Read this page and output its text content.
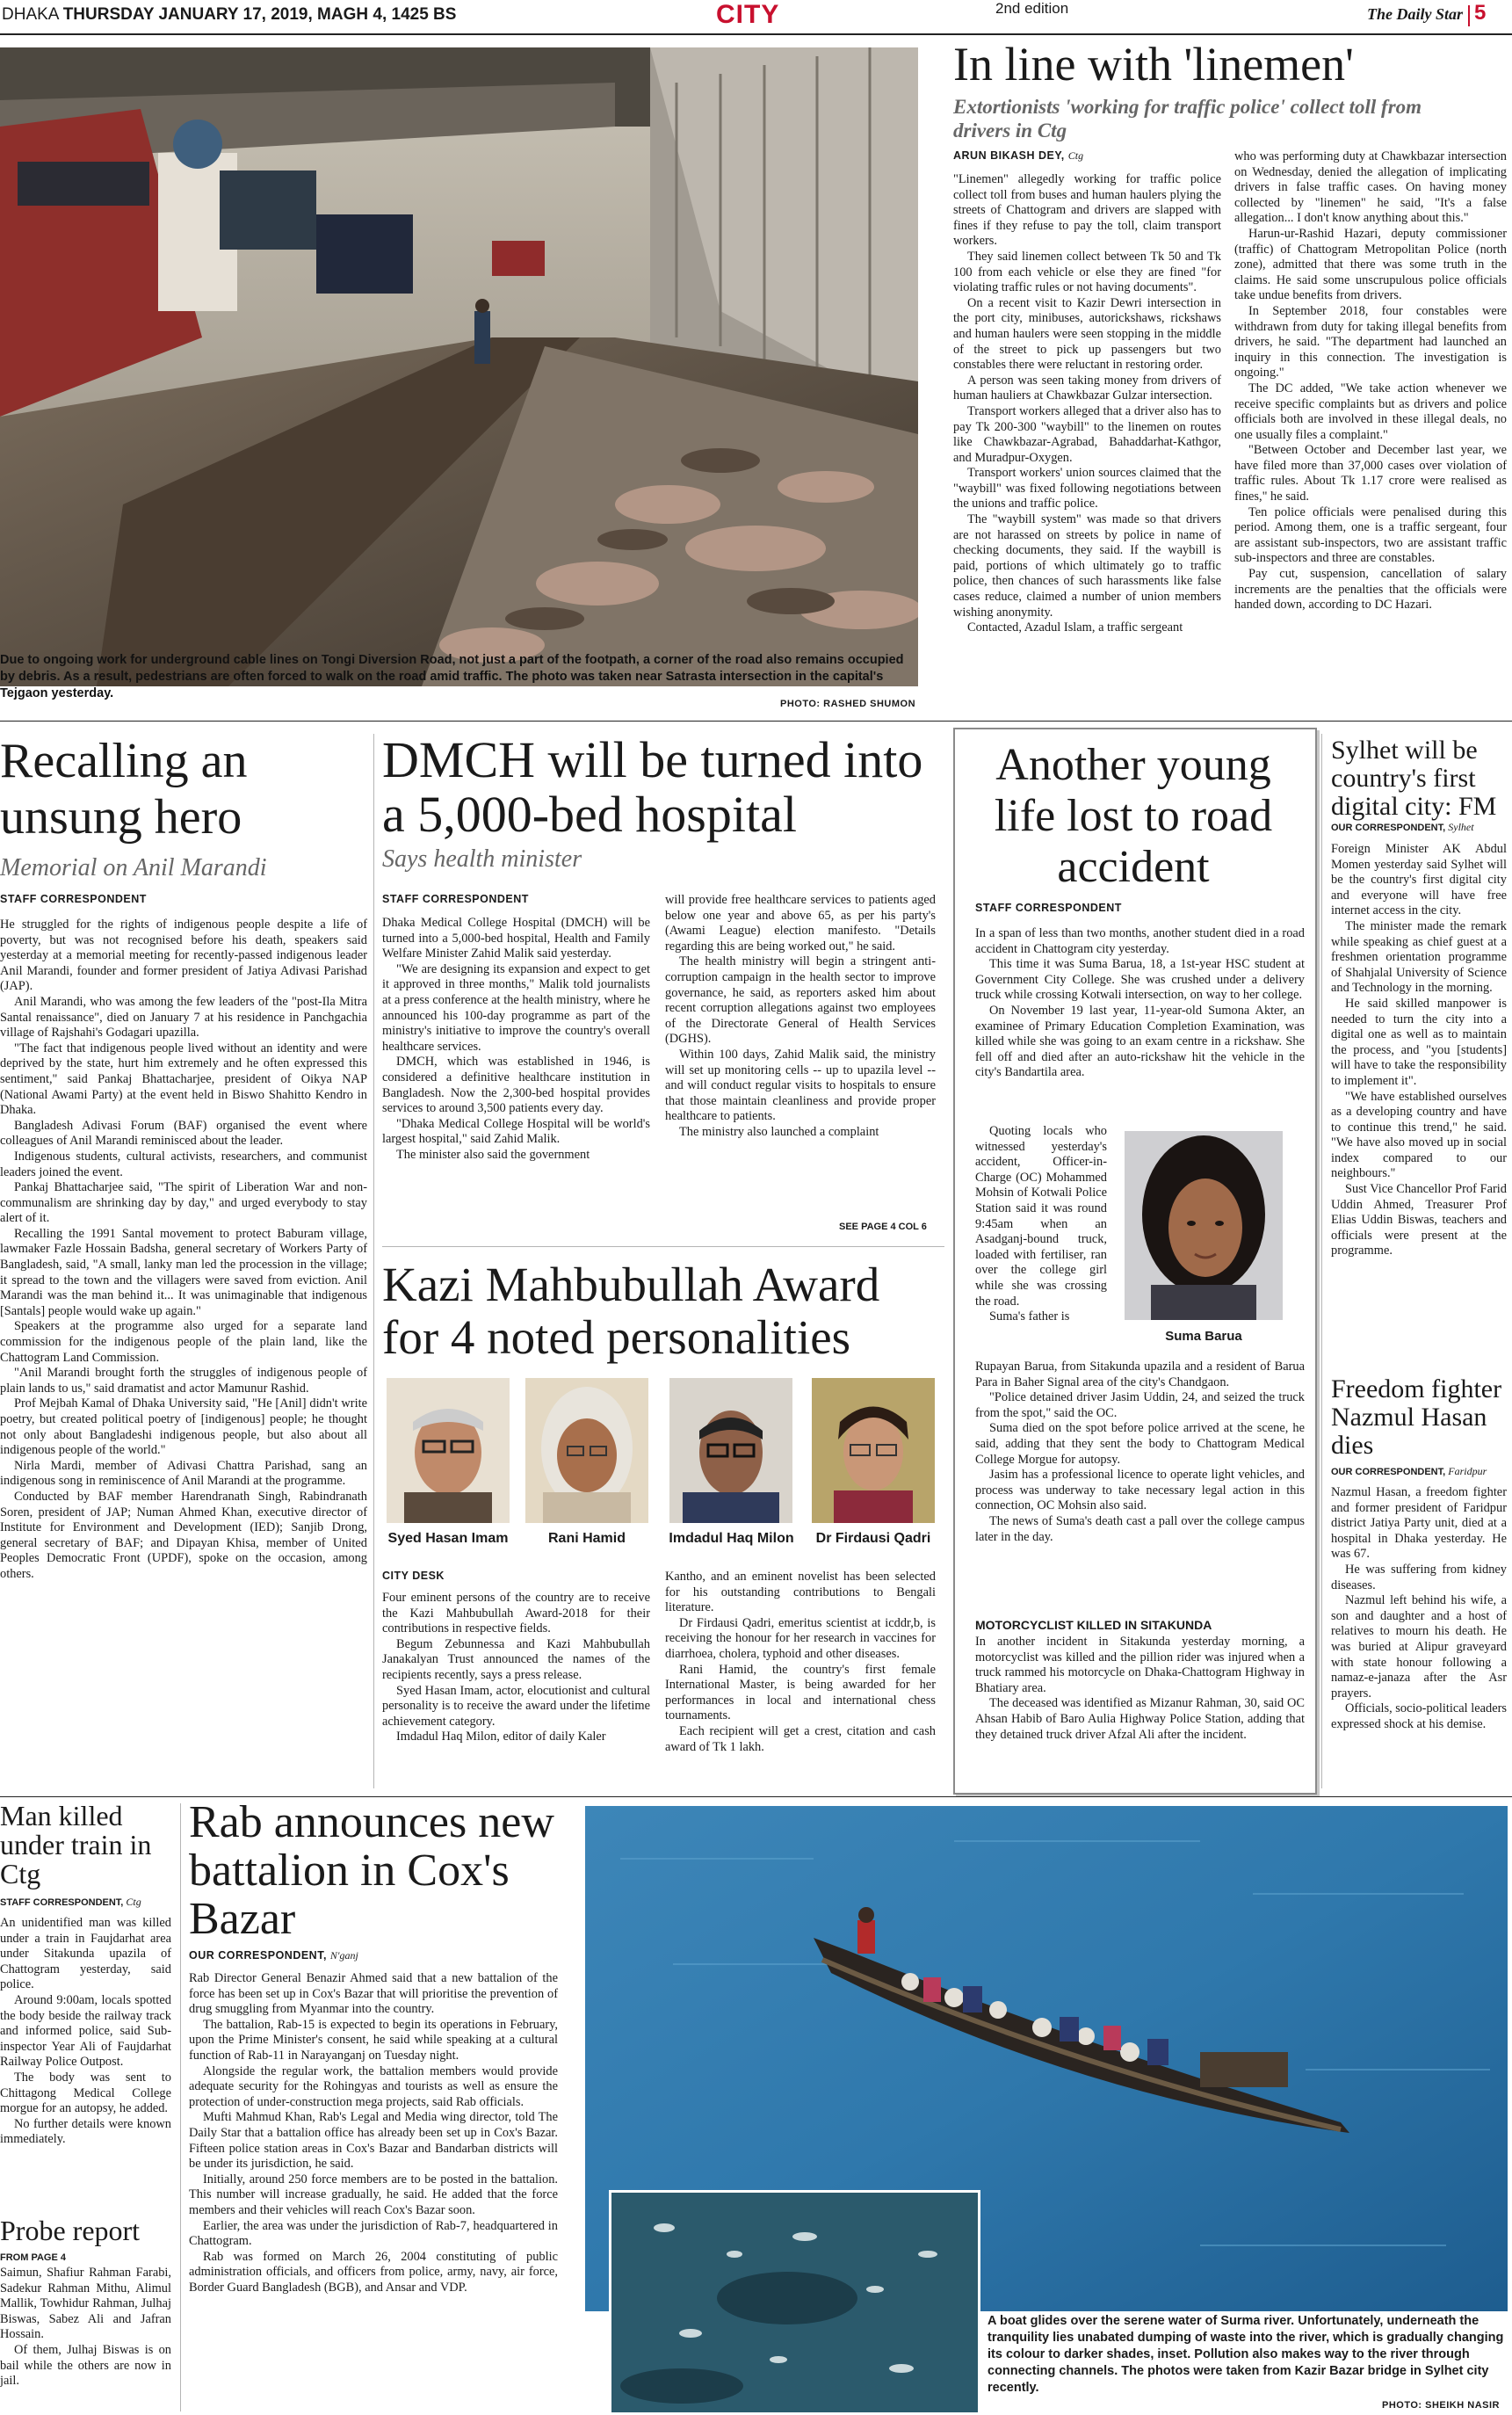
DHAKA THURSDAY JANUARY 17, 2019, MAGH 4, 1425 BS	CITY	2nd edition	The Daily Star 5
Due to ongoing work for underground cable lines on Tongi Diversion Road, not just a part of the footpath, a corner of the road also remains occupied by debris. As a result, pedestrians are often forced to walk on the road amid traffic. The photo was taken near Satrasta intersection in the capital's Tejgaon yesterday.
PHOTO: RASHED SHUMON
In line with 'linemen'
Extortionists 'working for traffic police' collect toll from drivers in Ctg
ARUN BIKASH DEY, Ctg

"Linemen" allegedly working for traffic police collect toll from buses and human haulers plying the streets of Chattogram and drivers are slapped with fines if they refuse to pay the toll, claim transport workers.

They said linemen collect between Tk 50 and Tk 100 from each vehicle or else they are fined "for violating traffic rules or not having documents".

On a recent visit to Kazir Dewri intersection in the port city, minibuses, autorickshaws, rickshaws and human haulers were seen stopping in the middle of the street to pick up passengers but two constables there were reluctant in restoring order.

A person was seen taking money from drivers of human hauliers at Chawkbazar Gulzar intersection.

Transport workers alleged that a driver also has to pay Tk 200-300 "waybill" to the linemen on routes like Chawkbazar-Agrabad, Bahaddarhat-Kathgor, and Muradpur-Oxygen.

Transport workers' union sources claimed that the "waybill" was fixed following negotiations between the unions and traffic police.

The "waybill system" was made so that drivers are not harassed on streets by police in name of checking documents, they said. If the waybill is paid, portions of which ultimately go to traffic police, then chances of such harassments like false cases reduce, claimed a number of union members wishing anonymity.

Contacted, Azadul Islam, a traffic sergeant

who was performing duty at Chawkbazar intersection on Wednesday, denied the allegation of implicating drivers in false traffic cases. On having money collected by "linemen" he said, "It's a false allegation... I don't know anything about this."

Harun-ur-Rashid Hazari, deputy commissioner (traffic) of Chattogram Metropolitan Police (north zone), admitted that there was some truth in the claims. He said some unscrupulous police officials take undue benefits from drivers.

In September 2018, four constables were withdrawn from duty for taking illegal benefits from drivers, he said. "The department had launched an inquiry in this connection. The investigation is ongoing."

The DC added, "We take action whenever we receive specific complaints but as drivers and police officials both are involved in these illegal deals, no one usually files a complaint."

"Between October and December last year, we have filed more than 37,000 cases over violation of traffic rules. About Tk 1.17 crore were realised as fines," he said.

Ten police officials were penalised during this period. Among them, one is a traffic sergeant, four are assistant sub-inspectors, two are assistant traffic sub-inspectors and three are constables.

Pay cut, suspension, cancellation of salary increments are the penalties that the officials were handed down, according to DC Hazari.

Recalling an unsung hero
Memorial on Anil Marandi
STAFF CORRESPONDENT

He struggled for the rights of indigenous people despite a life of poverty, but was not recognised before his death, speakers said yesterday at a memorial meeting for recently-passed indigenous leader Anil Marandi, founder and former president of Jatiya Adivasi Parishad (JAP).

Anil Marandi, who was among the few leaders of the "post-Ila Mitra Santal renaissance", died on January 7 at his residence in Panchgachia village of Rajshahi's Godagari upazilla.

"The fact that indigenous people lived without an identity and were deprived by the state, hurt him extremely and he often expressed this sentiment," said Pankaj Bhattacharjee, president of Oikya NAP (National Awami Party) at the event held in Biswo Shahitto Kendro in Dhaka.

Bangladesh Adivasi Forum (BAF) organised the event where colleagues of Anil Marandi reminisced about the leader.

Indigenous students, cultural activists, researchers, and communist leaders joined the event.

Pankaj Bhattacharjee said, "The spirit of Liberation War and non-communalism are shrinking day by day," and urged everybody to stay alert of it.

Recalling the 1991 Santal movement to protect Baburam village, lawmaker Fazle Hossain Badsha, general secretary of Workers Party of Bangladesh, said, "A small, lanky man led the procession in the village; it spread to the town and the villagers were saved from eviction. Anil Marandi was the man behind it... It was unimaginable that indigenous [Santals] people would wake up again."

Speakers at the programme also urged for a separate land commission for the indigenous people of the plain land, like the Chattogram Land Commission.

"Anil Marandi brought forth the struggles of indigenous people of plain lands to us," said dramatist and actor Mamunur Rashid.

Prof Mejbah Kamal of Dhaka University said, "He [Anil] didn't write poetry, but created political poetry of [indigenous] people; he thought not only about Bangladeshi indigenous people, but also about all indigenous people of the world."

Nirla Mardi, member of Adivasi Chattra Parishad, sang an indigenous song in reminiscence of Anil Marandi at the programme.

Conducted by BAF member Harendranath Singh, Rabindranath Soren, president of JAP; Numan Ahmed Khan, executive director of Institute for Environment and Development (IED); Sanjib Drong, general secretary of BAF; and Dipayan Khisa, member of United Peoples Democratic Front (UPDF), spoke on the occasion, among others.

DMCH will be turned into a 5,000-bed hospital
Says health minister
STAFF CORRESPONDENT

Dhaka Medical College Hospital (DMCH) will be turned into a 5,000-bed hospital, Health and Family Welfare Minister Zahid Malik said yesterday.

"We are designing its expansion and expect to get it approved in three months," Malik told journalists at a press conference at the health ministry, where he announced his 100-day programme as part of the ministry's initiative to improve the country's overall healthcare services.

DMCH, which was established in 1946, is considered a definitive healthcare institution in Bangladesh. Now the 2,300-bed hospital provides services to around 3,500 patients every day.

"Dhaka Medical College Hospital will be world's largest hospital," said Zahid Malik.

The minister also said the government

will provide free healthcare services to patients aged below one year and above 65, as per his party's (Awami League) election manifesto. "Details regarding this are being worked out," he said.

The health ministry will begin a stringent anti-corruption campaign in the health sector to improve governance, he said, as reporters asked him about recent corruption allegations against two employees of the Directorate General of Health Services (DGHS).

Within 100 days, Zahid Malik said, the ministry will set up monitoring cells -- up to upazila level -- and will conduct regular visits to hospitals to ensure that those maintain cleanliness and provide proper healthcare to patients.

The ministry also launched a complaint

SEE PAGE 4 COL 6
Kazi Mahbubullah Award for 4 noted personalities
Syed Hasan Imam	Rani Hamid	Imdadul Haq Milon	Dr Firdausi Qadri
CITY DESK

Four eminent persons of the country are to receive the Kazi Mahbubullah Award-2018 for their contributions in respective fields.

Begum Zebunnessa and Kazi Mahbubullah Janakalyan Trust announced the names of the recipients recently, says a press release.

Syed Hasan Imam, actor, elocutionist and cultural personality is to receive the award under the lifetime achievement category.

Imdadul Haq Milon, editor of daily Kaler

Kantho, and an eminent novelist has been selected for his outstanding contributions to Bengali literature.

Dr Firdausi Qadri, emeritus scientist at icddr,b, is receiving the honour for her research in vaccines for diarrhoea, cholera, typhoid and other diseases.

Rani Hamid, the country's first female International Master, is being awarded for her performances in local and international chess tournaments.

Each recipient will get a crest, citation and cash award of Tk 1 lakh.

Another young life lost to road accident
STAFF CORRESPONDENT

In a span of less than two months, another student died in a road accident in Chattogram city yesterday.

This time it was Suma Barua, 18, a 1st-year HSC student at Government City College. She was crushed under a delivery truck while crossing Kotwali intersection, on way to her college.

On November 19 last year, 11-year-old Sumona Akter, an examinee of Primary Education Completion Examination, was killed while she was going to an exam centre in a rickshaw. She fell off and died after an auto-rickshaw hit the vehicle in the city's Bandartila area.

Quoting locals who witnessed yesterday's accident, Officer-in-Charge (OC) Mohammed Mohsin of Kotwali Police Station said it was round 9:45am when an Asadganj-bound truck, loaded with fertiliser, ran over the college girl while she was crossing the road.

Suma's father is

Suma Barua

Rupayan Barua, from Sitakunda upazila and a resident of Barua Para in Baher Signal area of the city's Chandgaon.

"Police detained driver Jasim Uddin, 24, and seized the truck from the spot," said the OC.

Suma died on the spot before police arrived at the scene, he said, adding that they sent the body to Chattogram Medical College Morgue for autopsy.

Jasim has a professional licence to operate light vehicles, and process was underway to take necessary legal action in this connection, OC Mohsin also said.

The news of Suma's death cast a pall over the college campus later in the day.

MOTORCYCLIST KILLED IN SITAKUNDA

In another incident in Sitakunda yesterday morning, a motorcyclist was killed and the pillion rider was injured when a truck rammed his motorcycle on Dhaka-Chattogram Highway in Bhatiary area.

The deceased was identified as Mizanur Rahman, 30, said OC Ahsan Habib of Baro Aulia Highway Police Station, adding that they detained truck driver Afzal Ali after the incident.

Sylhet will be country's first digital city: FM
OUR CORRESPONDENT, Sylhet

Foreign Minister AK Abdul Momen yesterday said Sylhet will be the country's first digital city and everyone will have free internet access in the city.

The minister made the remark while speaking as chief guest at a freshmen orientation programme of Shahjalal University of Science and Technology in the morning.

He said skilled manpower is needed to turn the city into a digital one as well as to maintain the process, and "you [students] will have to take the responsibility to implement it".

"We have established ourselves as a developing country and have to continue this trend," he said. "We have also moved up in social index compared to our neighbours."

Sust Vice Chancellor Prof Farid Uddin Ahmed, Treasurer Prof Elias Uddin Biswas, teachers and officials were present at the programme.

Freedom fighter Nazmul Hasan dies
OUR CORRESPONDENT, Faridpur

Nazmul Hasan, a freedom fighter and former president of Faridpur district Jatiya Party unit, died at a hospital in Dhaka yesterday. He was 67.

He was suffering from kidney diseases.

Nazmul left behind his wife, a son and daughter and a host of relatives to mourn his death. He was buried at Alipur graveyard with state honour following a namaz-e-janaza after the Asr prayers.

Officials, socio-political leaders expressed shock at his demise.

Man killed under train in Ctg
STAFF CORRESPONDENT, Ctg

An unidentified man was killed under a train in Faujdarhat area under Sitakunda upazila of Chattogram yesterday, said police.

Around 9:00am, locals spotted the body beside the railway track and informed police, said Sub-inspector Year Ali of Faujdarhat Railway Police Outpost.

The body was sent to Chittagong Medical College morgue for an autopsy, he added.

No further details were known immediately.

Probe report
FROM PAGE 4

Saimun, Shafiur Rahman Farabi, Sadekur Rahman Mithu, Alimul Mallik, Towhidur Rahman, Julhaj Biswas, Sabez Ali and Jafran Hossain.

Of them, Julhaj Biswas is on bail while the others are now in jail.

Rab announces new battalion in Cox's Bazar
OUR CORRESPONDENT, N'ganj

Rab Director General Benazir Ahmed said that a new battalion of the force has been set up in Cox's Bazar that will prioritise the prevention of drug smuggling from Myanmar into the country.

The battalion, Rab-15 is expected to begin its operations in February, upon the Prime Minister's consent, he said while speaking at a cultural function of Rab-11 in Narayanganj on Tuesday night.

Alongside the regular work, the battalion members would provide adequate security for the Rohingyas and tourists as well as ensure the protection of under-construction mega projects, said Rab officials.

Mufti Mahmud Khan, Rab's Legal and Media wing director, told The Daily Star that a battalion office has already been set up in Cox's Bazar. Fifteen police station areas in Cox's Bazar and Bandarban districts will be under its jurisdiction, he said.

Initially, around 250 force members are to be posted in the battalion. This number will increase gradually, he said. He added that the force members and their vehicles will reach Cox's Bazar soon.

Earlier, the area was under the jurisdiction of Rab-7, headquartered in Chattogram.

Rab was formed on March 26, 2004 constituting of public administration officials, and officers from police, army, navy, air force, Border Guard Bangladesh (BGB), and Ansar and VDP.

A boat glides over the serene water of Surma river. Unfortunately, underneath the tranquility lies unabated dumping of waste into the river, which is gradually changing its colour to darker shades, inset. Pollution also makes way to the river through connecting channels. The photos were taken from Kazir Bazar bridge in Sylhet city recently.
PHOTO: SHEIKH NASIR
